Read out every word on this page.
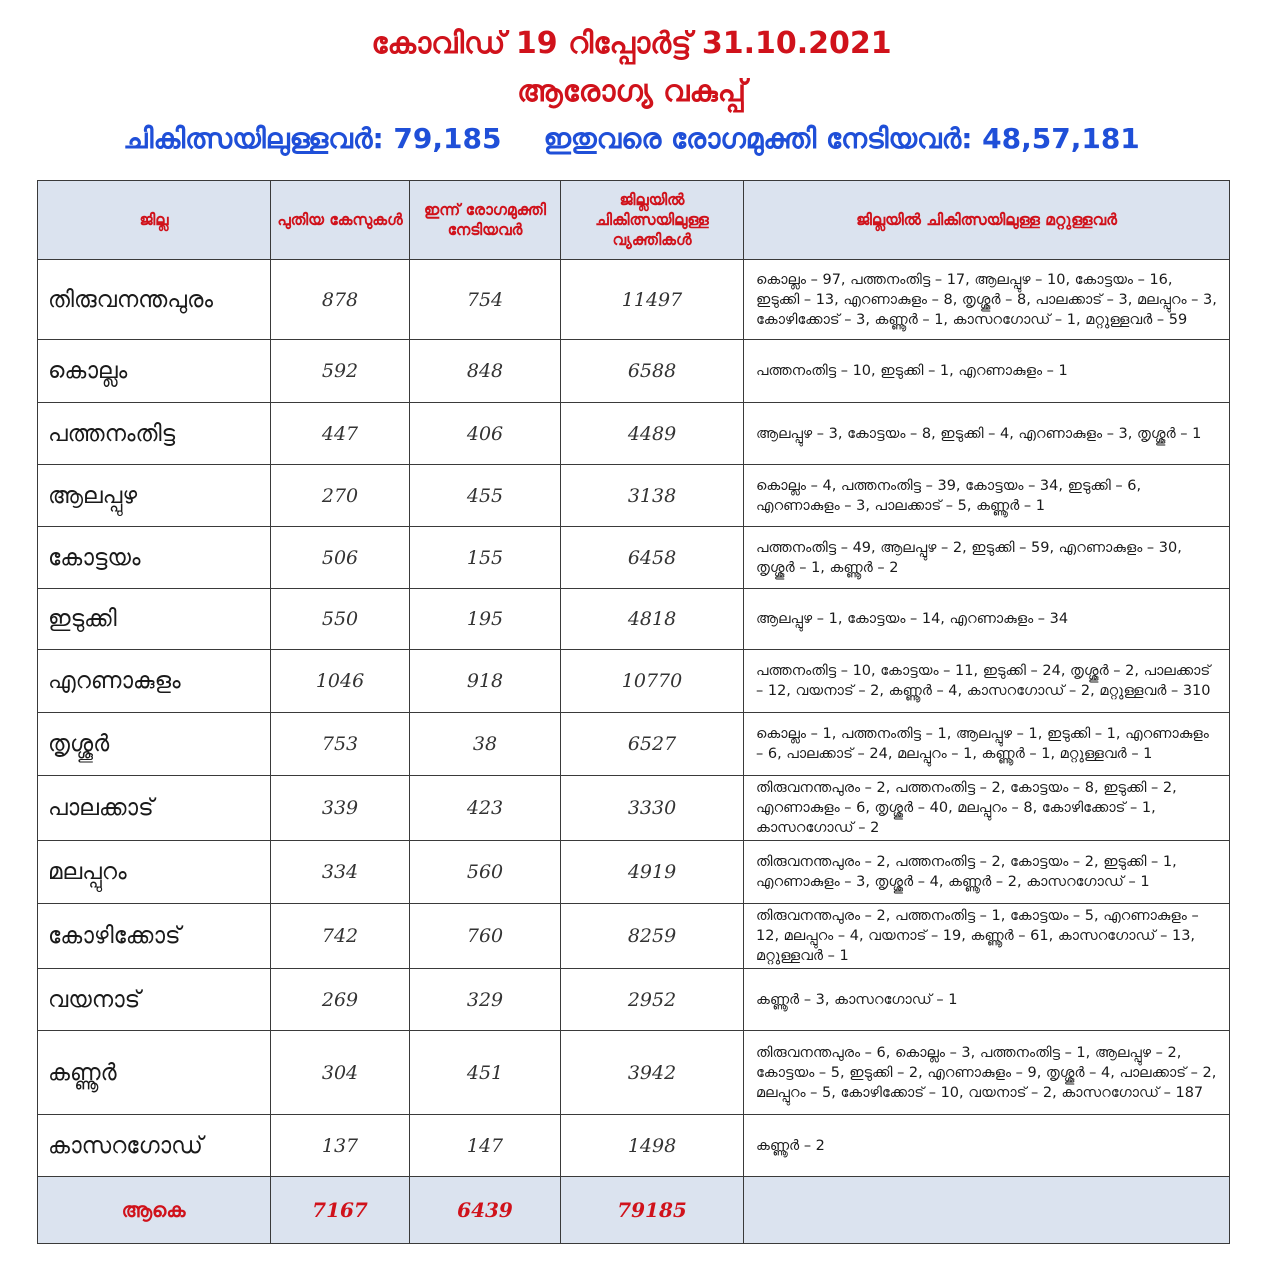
കോവിഡ് 19 റിപ്പോർട്ട് 31.10.2021
ആരോഗ്യ വകുപ്പ്
ചികിത്സയിലുള്ളവർ: 79,185 ഇതുവരെ രോഗമുക്തി നേടിയവർ: 48,57,181
ജില്ല	പുതിയ കേസുകൾ	ഇന്ന് രോഗമുക്തി നേടിയവർ	ജില്ലയിൽ ചികിത്സയിലുള്ള വ്യക്തികൾ	ജില്ലയിൽ ചികിത്സയിലുള്ള മറ്റുള്ളവർ
തിരുവനന്തപുരം	878	754	11497	കൊല്ലം – 97, പത്തനംതിട്ട – 17, ആലപ്പുഴ – 10, കോട്ടയം – 16, ഇടുക്കി – 13, എറണാകുളം – 8, തൃശ്ശൂർ – 8, പാലക്കാട് – 3, മലപ്പുറം – 3, കോഴിക്കോട് – 3, കണ്ണൂർ – 1, കാസറഗോഡ് – 1, മറ്റുള്ളവർ – 59
കൊല്ലം	592	848	6588	പത്തനംതിട്ട – 10, ഇടുക്കി – 1, എറണാകുളം – 1
പത്തനംതിട്ട	447	406	4489	ആലപ്പുഴ – 3, കോട്ടയം – 8, ഇടുക്കി – 4, എറണാകുളം – 3, തൃശ്ശൂർ – 1
ആലപ്പുഴ	270	455	3138	കൊല്ലം – 4, പത്തനംതിട്ട – 39, കോട്ടയം – 34, ഇടുക്കി – 6, എറണാകുളം – 3, പാലക്കാട് – 5, കണ്ണൂർ – 1
കോട്ടയം	506	155	6458	പത്തനംതിട്ട – 49, ആലപ്പുഴ – 2, ഇടുക്കി – 59, എറണാകുളം – 30, തൃശ്ശൂർ – 1, കണ്ണൂർ – 2
ഇടുക്കി	550	195	4818	ആലപ്പുഴ – 1, കോട്ടയം – 14, എറണാകുളം – 34
എറണാകുളം	1046	918	10770	പത്തനംതിട്ട – 10, കോട്ടയം – 11, ഇടുക്കി – 24, തൃശ്ശൂർ – 2, പാലക്കാട് – 12, വയനാട് – 2, കണ്ണൂർ – 4, കാസറഗോഡ് – 2, മറ്റുള്ളവർ – 310
തൃശ്ശൂർ	753	38	6527	കൊല്ലം – 1, പത്തനംതിട്ട – 1, ആലപ്പുഴ – 1, ഇടുക്കി – 1, എറണാകുളം – 6, പാലക്കാട് – 24, മലപ്പുറം – 1, കണ്ണൂർ – 1, മറ്റുള്ളവർ – 1
പാലക്കാട്	339	423	3330	തിരുവനന്തപുരം – 2, പത്തനംതിട്ട – 2, കോട്ടയം – 8, ഇടുക്കി – 2, എറണാകുളം – 6, തൃശ്ശൂർ – 40, മലപ്പുറം – 8, കോഴിക്കോട് – 1, കാസറഗോഡ് – 2
മലപ്പുറം	334	560	4919	തിരുവനന്തപുരം – 2, പത്തനംതിട്ട – 2, കോട്ടയം – 2, ഇടുക്കി – 1, എറണാകുളം – 3, തൃശ്ശൂർ – 4, കണ്ണൂർ – 2, കാസറഗോഡ് – 1
കോഴിക്കോട്	742	760	8259	തിരുവനന്തപുരം – 2, പത്തനംതിട്ട – 1, കോട്ടയം – 5, എറണാകുളം – 12, മലപ്പുറം – 4, വയനാട് – 19, കണ്ണൂർ – 61, കാസറഗോഡ് – 13, മറ്റുള്ളവർ – 1
വയനാട്	269	329	2952	കണ്ണൂർ – 3, കാസറഗോഡ് – 1
കണ്ണൂർ	304	451	3942	തിരുവനന്തപുരം – 6, കൊല്ലം – 3, പത്തനംതിട്ട – 1, ആലപ്പുഴ – 2, കോട്ടയം – 5, ഇടുക്കി – 2, എറണാകുളം – 9, തൃശ്ശൂർ – 4, പാലക്കാട് – 2, മലപ്പുറം – 5, കോഴിക്കോട് – 10, വയനാട് – 2, കാസറഗോഡ് – 187
കാസറഗോഡ്	137	147	1498	കണ്ണൂർ – 2
ആകെ	7167	6439	79185	
